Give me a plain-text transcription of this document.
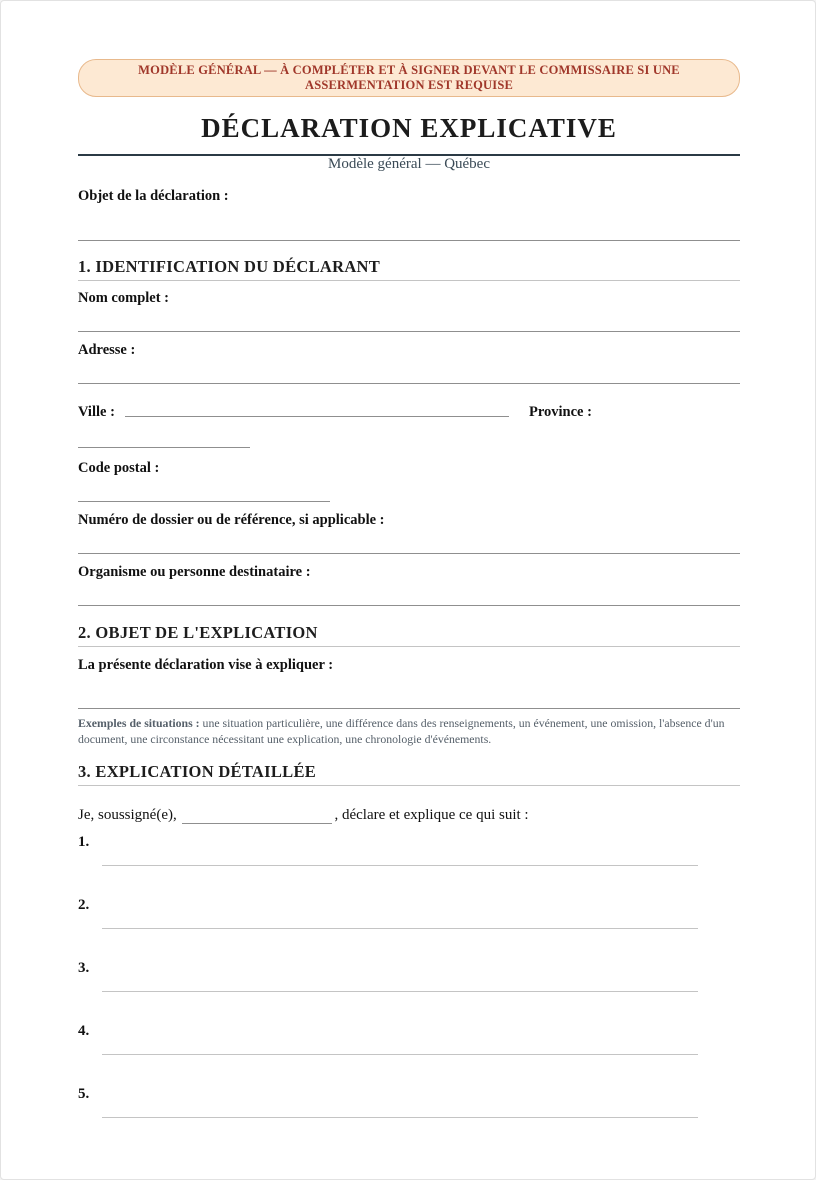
MODÈLE GÉNÉRAL — À COMPLÉTER ET À SIGNER DEVANT LE COMMISSAIRE SI UNE ASSERMENTATION EST REQUISE
DÉCLARATION EXPLICATIVE
Modèle général — Québec
Objet de la déclaration :
1. IDENTIFICATION DU DÉCLARANT
Nom complet :
Adresse :
Ville :	Province :
Code postal :
Numéro de dossier ou de référence, si applicable :
Organisme ou personne destinataire :
2. OBJET DE L'EXPLICATION
La présente déclaration vise à expliquer :
Exemples de situations : une situation particulière, une différence dans des renseignements, un événement, une omission, l'absence d'un document, une circonstance nécessitant une explication, une chronologie d'événements.
3. EXPLICATION DÉTAILLÉE
Je, soussigné(e),	, déclare et explique ce qui suit :
1.
2.
3.
4.
5.
